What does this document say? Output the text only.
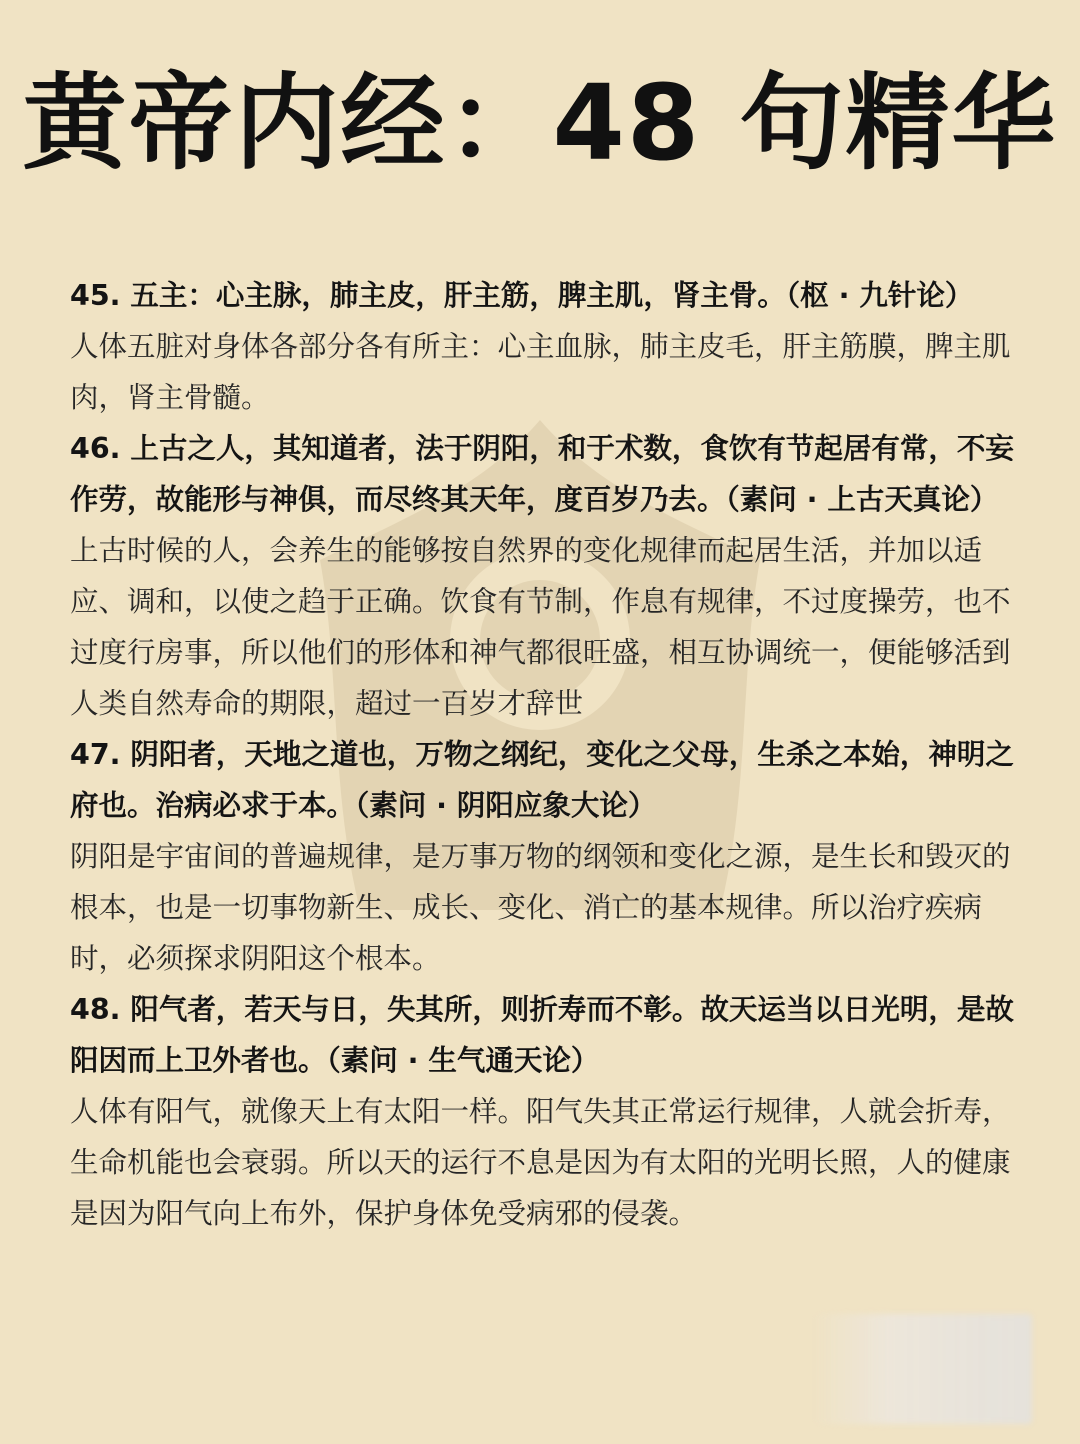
黄帝内经：48 句精华

45. 五主：心主脉，肺主皮，肝主筋，脾主肌，肾主骨。（枢 · 九针论）

人体五脏对身体各部分各有所主：心主血脉，肺主皮毛，肝主筋膜，脾主肌肉，肾主骨髓。

46. 上古之人，其知道者，法于阴阳，和于术数，食饮有节起居有常，不妄作劳，故能形与神俱，而尽终其天年，度百岁乃去。（素问 · 上古天真论）

上古时候的人，会养生的能够按自然界的变化规律而起居生活，并加以适应、调和，以使之趋于正确。饮食有节制，作息有规律，不过度操劳，也不过度行房事，所以他们的形体和神气都很旺盛，相互协调统一，便能够活到人类自然寿命的期限，超过一百岁才辞世

47. 阴阳者，天地之道也，万物之纲纪，变化之父母，生杀之本始，神明之府也。治病必求于本。（素问 · 阴阳应象大论）

阴阳是宇宙间的普遍规律，是万事万物的纲领和变化之源，是生长和毁灭的根本，也是一切事物新生、成长、变化、消亡的基本规律。所以治疗疾病时，必须探求阴阳这个根本。

48. 阳气者，若天与日，失其所，则折寿而不彰。故天运当以日光明，是故阳因而上卫外者也。（素问 · 生气通天论）

人体有阳气，就像天上有太阳一样。阳气失其正常运行规律，人就会折寿，生命机能也会衰弱。所以天的运行不息是因为有太阳的光明长照，人的健康是因为阳气向上布外，保护身体免受病邪的侵袭。
